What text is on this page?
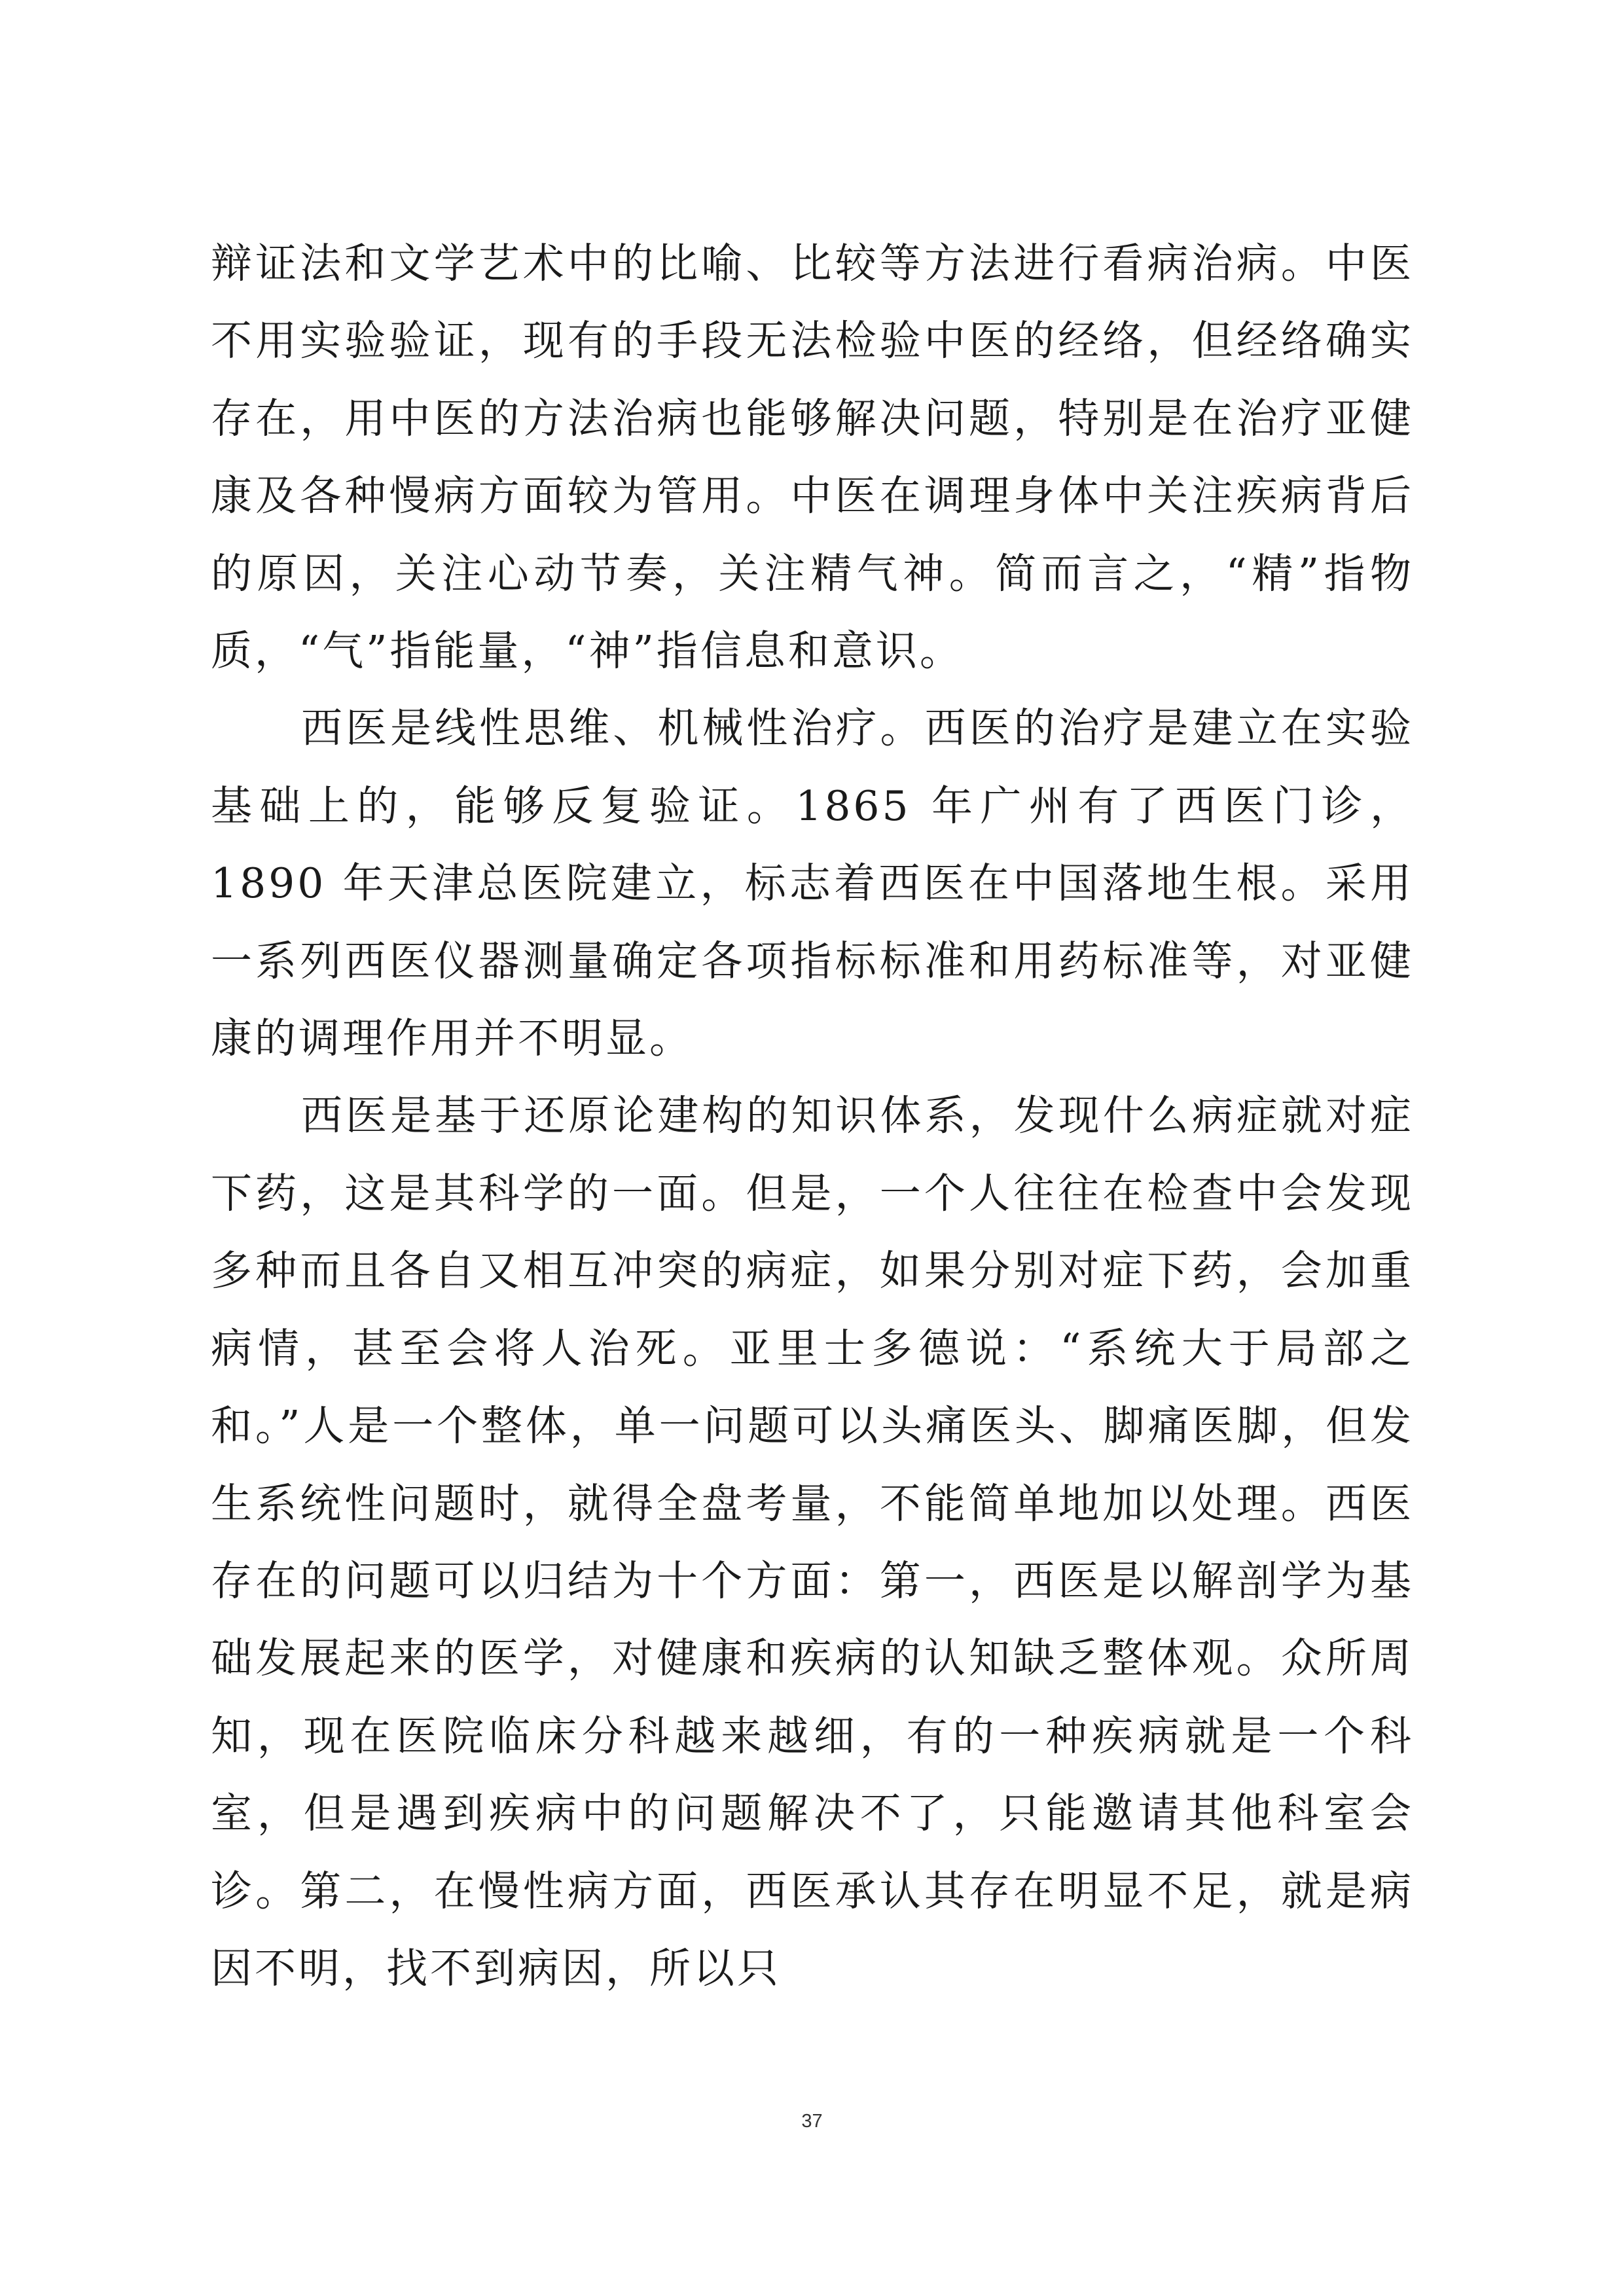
辩证法和文学艺术中的比喻、比较等方法进行看病治病。中医不用实验验证，现有的手段无法检验中医的经络，但经络确实存在，用中医的方法治病也能够解决问题，特别是在治疗亚健康及各种慢病方面较为管用。中医在调理身体中关注疾病背后的原因，关注心动节奏，关注精气神。简而言之，“精”指物质，“气”指能量，“神”指信息和意识。

西医是线性思维、机械性治疗。西医的治疗是建立在实验基础上的，能够反复验证。1865 年广州有了西医门诊，1890 年天津总医院建立，标志着西医在中国落地生根。采用一系列西医仪器测量确定各项指标标准和用药标准等，对亚健康的调理作用并不明显。

西医是基于还原论建构的知识体系，发现什么病症就对症下药，这是其科学的一面。但是，一个人往往在检查中会发现多种而且各自又相互冲突的病症，如果分别对症下药，会加重病情，甚至会将人治死。亚里士多德说：“系统大于局部之和。”人是一个整体，单一问题可以头痛医头、脚痛医脚，但发生系统性问题时，就得全盘考量，不能简单地加以处理。西医存在的问题可以归结为十个方面：第一，西医是以解剖学为基础发展起来的医学，对健康和疾病的认知缺乏整体观。众所周知，现在医院临床分科越来越细，有的一种疾病就是一个科室，但是遇到疾病中的问题解决不了，只能邀请其他科室会诊。第二，在慢性病方面，西医承认其存在明显不足，就是病因不明，找不到病因，所以只

37
